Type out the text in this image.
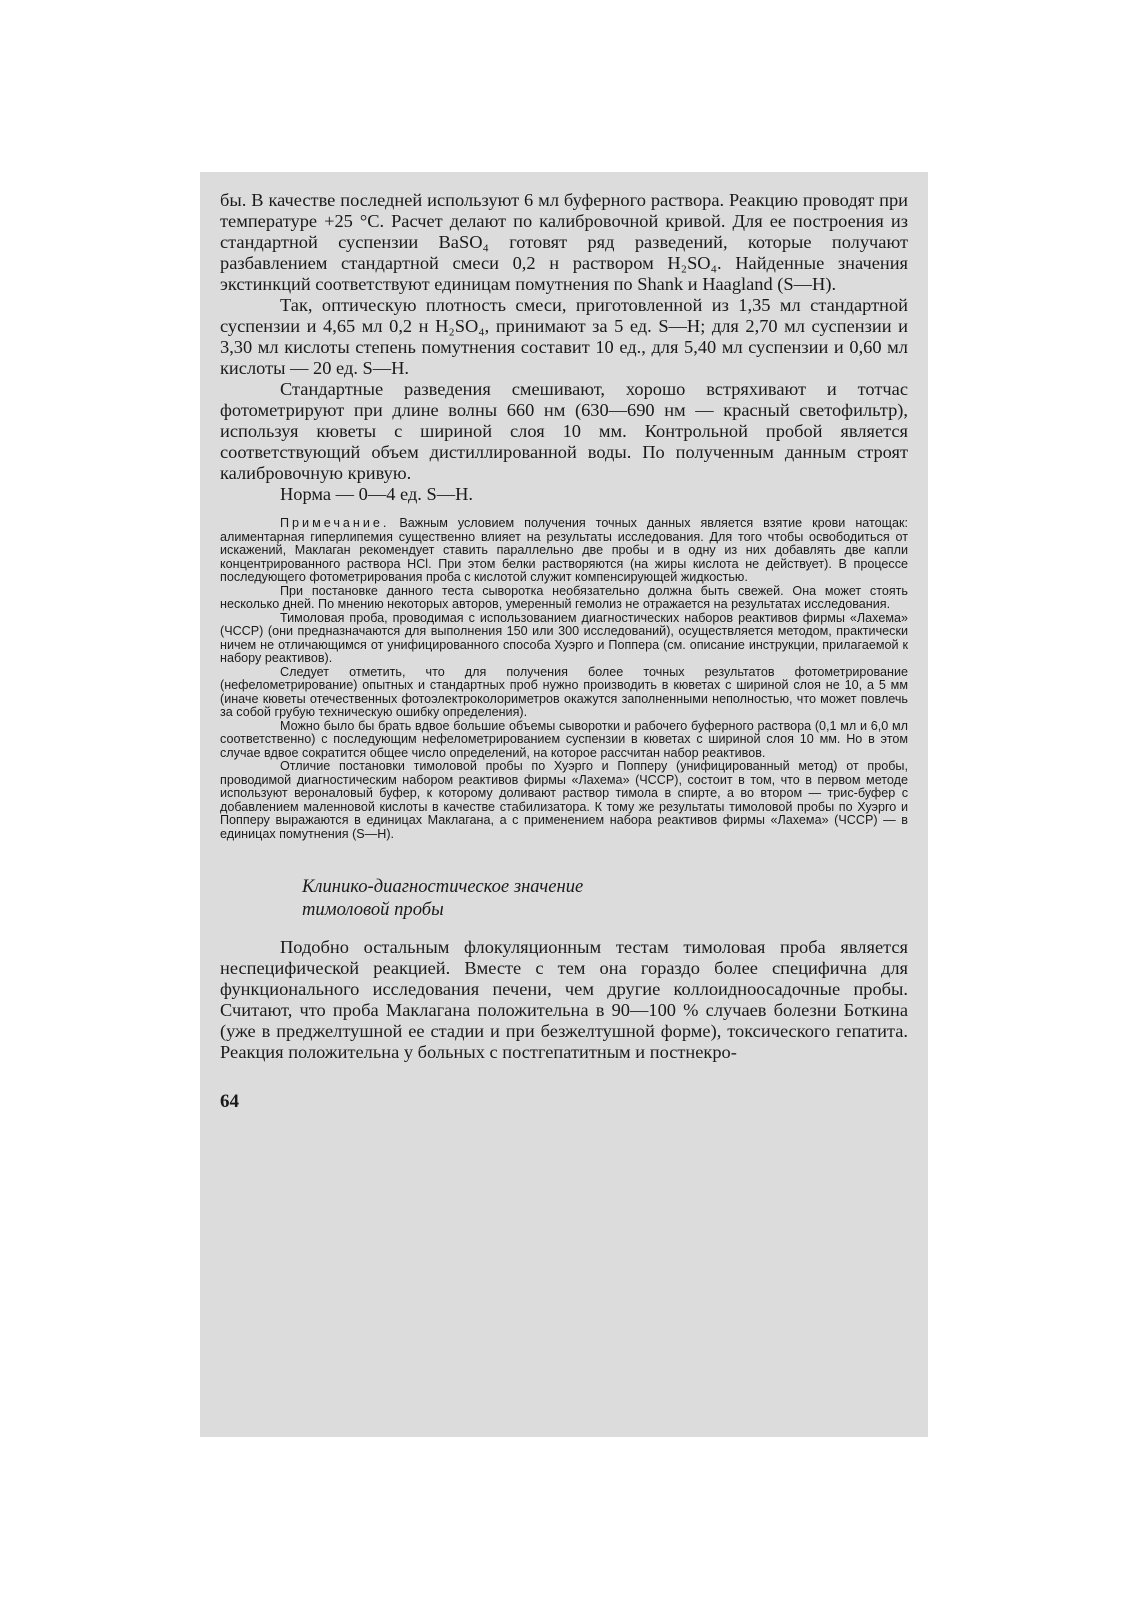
бы. В качестве последней используют 6 мл буферного раствора. Реакцию проводят при температуре +25 °С. Расчет делают по калибровочной кривой. Для ее построения из стандартной суспензии BaSO₄ готовят ряд разведений, которые получают разбавлением стандартной смеси 0,2 н раствором H₂SO₄. Найденные значения экстинкций соответствуют единицам помутнения по Shank и Haagland (S—H).
Так, оптическую плотность смеси, приготовленной из 1,35 мл стандартной суспензии и 4,65 мл 0,2 н H₂SO₄, принимают за 5 ед. S—H; для 2,70 мл суспензии и 3,30 мл кислоты степень помутнения составит 10 ед., для 5,40 мл суспензии и 0,60 мл кислоты — 20 ед. S—H.
Стандартные разведения смешивают, хорошо встряхивают и тотчас фотометрируют при длине волны 660 нм (630—690 нм — красный светофильтр), используя кюветы с шириной слоя 10 мм. Контрольной пробой является соответствующий объем дистиллированной воды. По полученным данным строят калибровочную кривую.
Норма — 0—4 ед. S—H.

Примечание. Важным условием получения точных данных является взятие крови натощак: алиментарная гиперлипемия существенно влияет на результаты исследования. Для того чтобы освободиться от искажений, Маклаган рекомендует ставить параллельно две пробы и в одну из них добавлять две капли концентрированного раствора HCl. При этом белки растворяются (на жиры кислота не действует). В процессе последующего фотометрирования проба с кислотой служит компенсирующей жидкостью.

При постановке данного теста сыворотка необязательно должна быть свежей. Она может стоять несколько дней. По мнению некоторых авторов, умеренный гемолиз не отражается на результатах исследования.

Тимоловая проба, проводимая с использованием диагностических наборов реактивов фирмы «Лахема» (ЧССР) (они предназначаются для выполнения 150 или 300 исследований), осуществляется методом, практически ничем не отличающимся от унифицированного способа Хуэрго и Поппера (см. описание инструкции, прилагаемой к набору реактивов).

Следует отметить, что для получения более точных результатов фотометрирование (нефелометрирование) опытных и стандартных проб нужно производить в кюветах с шириной слоя не 10, а 5 мм (иначе кюветы отечественных фотоэлектроколориметров окажутся заполненными неполностью, что может повлечь за собой грубую техническую ошибку определения).

Можно было бы брать вдвое большие объемы сыворотки и рабочего буферного раствора (0,1 мл и 6,0 мл соответственно) с последующим нефелометрированием суспензии в кюветах с шириной слоя 10 мм. Но в этом случае вдвое сократится общее число определений, на которое рассчитан набор реактивов.

Отличие постановки тимоловой пробы по Хуэрго и Попперу (унифицированный метод) от пробы, проводимой диагностическим набором реактивов фирмы «Лахема» (ЧССР), состоит в том, что в первом методе используют вероналовый буфер, к которому доливают раствор тимола в спирте, а во втором — трис-буфер с добавлением маленновой кислоты в качестве стабилизатора. К тому же результаты тимоловой пробы по Хуэрго и Попперу выражаются в единицах Маклагана, а с применением набора реактивов фирмы «Лахема» (ЧССР) — в единицах помутнения (S—H).

Клинико-диагностическое значение
тимоловой пробы
Подобно остальным флокуляционным тестам тимоловая проба является неспецифической реакцией. Вместе с тем она гораздо более специфична для функционального исследования печени, чем другие коллоидноосадочные пробы. Считают, что проба Маклагана положительна в 90—100 % случаев болезни Боткина (уже в преджелтушной ее стадии и при безжелтушной форме), токсического гепатита. Реакция положительна у больных с постгепатитным и постнекро-
64
